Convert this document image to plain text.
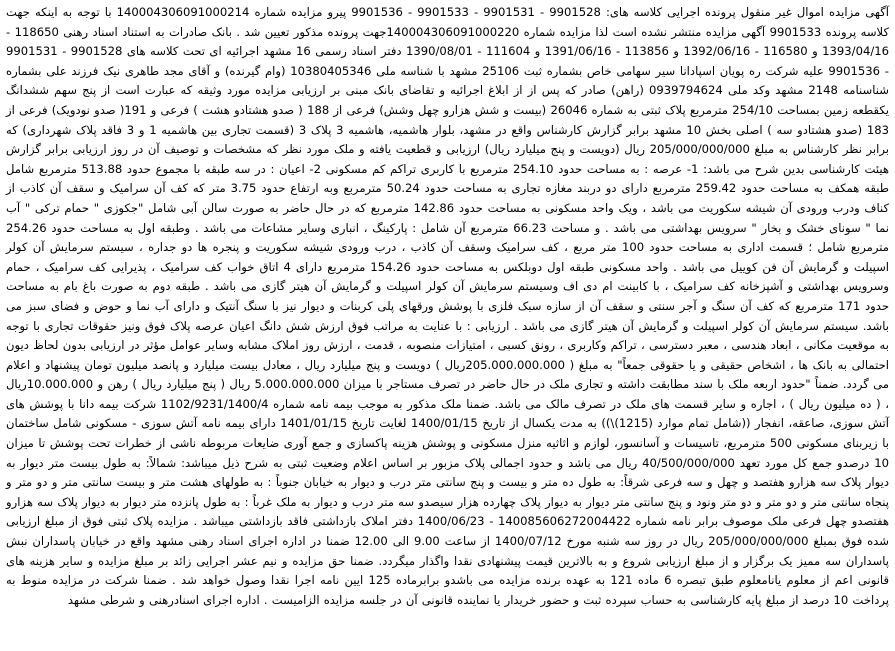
آگهی مزایده اموال غیر منقول پرونده اجرایی کلاسه های: 9901528 - 9901531 - 9901533 - 9901536 پیرو مزایده شماره 140004306091000214 با توجه به اینکه جهت کلاسه پرونده 9901533 آگهی مزایده منتشر نشده است لذا مزایده شماره 140004306091000220جهت پرونده مذکور تعیین شد . بانک صادرات به استناد اسناد رهنی 118650 - 1393/04/16 و 116580 - 1392/06/16 و 113856 - 1391/06/16 و 111604 - 1390/08/01 دفتر اسناد رسمی 16 مشهد اجرائیه ای تحت کلاسه های 9901528 - 9901531 - 9901536 علیه شرکت ره پویان اسپادانا سیر سهامی خاص بشماره ثبت 25106 مشهد با شناسه ملی 10380405346 (وام گیرنده) و آقای مجد طاهری نیک فرزند علی بشماره شناسنامه 2148 مشهد وکد ملی 0939794624 (راهن) صادر که پس از از ابلاغ اجرائیه و تقاضای بانک مبنی بر ارزیابی مزایده مورد وثیقه که عبارت است از پنج سهم ششدانگ یکقطعه زمین بمساحت 254/10 مترمربع پلاک ثبتی به شماره 26046 (بیست و شش هزارو چهل وشش) فرعی از 188 ( صدو هشتادو هشت ) فرعی و 191( صدو نودویک) فرعی از 183 (صدو هشتادو سه ) اصلی بخش 10 مشهد برابر گزارش کارشناس واقع در مشهد، بلوار هاشمیه، هاشمیه 3 پلاک 3 (قسمت تجاری بین هاشمیه 1 و 3 فاقد پلاک شهرداری) که برابر نظر کارشناس به مبلغ 205/000/000/000 ریال (دویست و پنج میلیارد ریال) ارزیابی و قطعیت یافته و ملک مورد نظر که مشخصات و توصیف آن در روز ارزیابی برابر گزارش هیئت کارشناسی بدین شرح می باشد: 1- عرصه : به مساحت حدود 254.10 مترمربع با کاربری تراکم کم مسکونی 2- اعیان : در سه طبقه با مجموع حدود 513.88 مترمربع شامل طبقه همکف به مساحت حدود 259.42 مترمربع دارای دو دربند مغازه تجاری به مساحت حدود 50.24 مترمربع وبه ارتفاع حدود 3.75 متر که کف آن سرامیک و سقف آن کاذب از کناف ودرب ورودی آن شیشه سکوریت می باشد ، ویک واحد مسکونی به مساحت حدود 142.86 مترمربع که در حال حاضر به صورت سالن آبی شامل "جکوزی " حمام ترکی " آب نما " سونای خشک و بخار " سرویس بهداشتی می باشد . و مساحت 66.23 مترمربع آن شامل : پارکینگ ، انباری وسایر مشاعات می باشد . وطبقه اول به مساحت حدود 254.26 مترمربع شامل ؛ قسمت اداری به مساحت حدود 100 متر مربع ، کف سرامیک وسقف آن کاذب ، درب ورودی شیشه سکوریت و پنجره ها دو جداره ، سیستم سرمایش آن کولر اسپیلت و گرمایش آن فن کوییل می باشد . واحد مسکونی طبقه اول دوبلکس به مساحت حدود 154.26 مترمربع دارای 4 اتاق خواب کف سرامیک ، پذیرایی کف سرامیک ، حمام وسرویس بهداشتی و آشپزخانه کف سرامیک ، با کابینت ام دی اف وسیستم سرمایش آن کولر اسپیلت و گرمایش آن هیتر گازی می باشد . طبقه دوم به صورت باغ بام به مساحت حدود 171 مترمربع که کف آن سنگ و آجر سنتی و سقف آن از سازه سبک فلزی با پوشش ورقهای پلی کربنات و دیوار نیز با سنگ آنتیک و دارای آب نما و حوض و فضای سبز می باشد. سیستم سرمایش آن کولر اسپیلت و گرمایش آن هیتر گازی می باشد . ارزیابی : با عنایت به مراتب فوق ارزش شش دانگ اعیان عرصه پلاک فوق ونیز حقوقات تجاری با توجه به موقعیت مکانی ، ابعاد هندسی ، معبر دسترسی ، تراکم وکاربری ، رونق کسبی ، امتیازات منصوبه ، قدمت ، ارزش روز املاک مشابه وسایر عوامل مؤثر در ارزیابی بدون لحاظ دیون احتمالی به بانک ها ، اشخاص حقیقی و یا حقوقی جمعاً" به مبلغ ( 205.000.000.000ریال ) دویست و پنج میلیارد ریال ، معادل بیست میلیارد و پانصد میلیون تومان پیشنهاد و اعلام می گردد. ضمناً "حدود اربعه ملک با سند مطابقت داشته و تجاری ملک در حال حاضر در تصرف مستاجر با میزان 5.000.000.000 ریال ( پنج میلیارد ریال ) رهن و 10.000.000ریال ، ( ده میلیون ریال ) ، اجاره و سایر قسمت های ملک در تصرف مالک می باشد. ضمنا ملک مذکور به موجب بیمه نامه شماره 1102/9231/1400/4 شرکت بیمه دانا با پوشش های آتش سوزی، صاعقه، انفجار ((شامل تمام موارد (1215)\)) به مدت یکسال از تاریخ 1400/01/15 لغایت تاریخ 1401/01/15 دارای بیمه نامه آتش سوزی - مسکونی شامل ساختمان با زیربنای مسکونی 500 مترمربع، تاسیسات و آسانسور، لوازم و اثاثیه منزل مسکونی و پوشش هزینه پاکسازی و جمع آوری ضایعات مربوطه ناشی از خطرات تحت پوشش تا میزان 10 درصدو جمع کل مورد تعهد 40/500/000/000 ریال می باشد و حدود اجمالی پلاک مزبور بر اساس اعلام وضعیت ثبتی به شرح ذیل میباشد: شمالاً: به طول بیست متر دیوار به دیوار پلاک سه هزارو هفتصد و چهل و سه فرعی شرقاً: به طول ده متر و بیست و پنج سانتی متر درب و دیوار به خیابان جنوباً : به طولهای هشت متر و بیست سانتی متر و دو متر و پنجاه سانتی متر و دو متر و دو متر ونود و پنج سانتی متر دیوار به دیوار پلاک چهارده هزار سیصدو سه متر درب و دیوار به ملک غرباً : به طول پانزده متر دیوار به دیوار پلاک سه هزارو هفتصدو چهل فرعی ملک موصوف برابر نامه شماره 140085606272004422 - 1400/06/23 دفتر املاک بازداشتی فاقد بازداشتی میباشد . مزایده پلاک ثبتی فوق از مبلغ ارزیابی شده فوق بمبلغ 205/000/000/000 ریال در روز سه شنبه مورخ 1400/07/12 از ساعت 9.00 الی 12.00 ضمنا در اداره اجرای اسناد رهنی مشهد واقع در خیابان پاسداران نبش پاسداران سه ممیز یک برگزار و از مبلغ ارزیابی شروع و به بالاترین قیمت پیشنهادی نقدا واگذار میگردد. ضمنا حق مزایده و نیم عشر اجرایی زائد بر مبلغ مزایده و سایر هزینه های قانونی اعم از معلوم یانامعلوم طبق تبصره 6 ماده 121 به عهده برنده مزایده می باشدو برابرماده 125 ایین نامه اجرا نقدا وصول خواهد شد . ضمنا شرکت در مزایده منوط به پرداخت 10 درصد از مبلغ پایه کارشناسی به حساب سپرده ثبت و حضور خریدار یا نماینده قانونی آن در جلسه مزایده الزامیست . اداره اجرای اسنادرهنی و شرطی مشهد
